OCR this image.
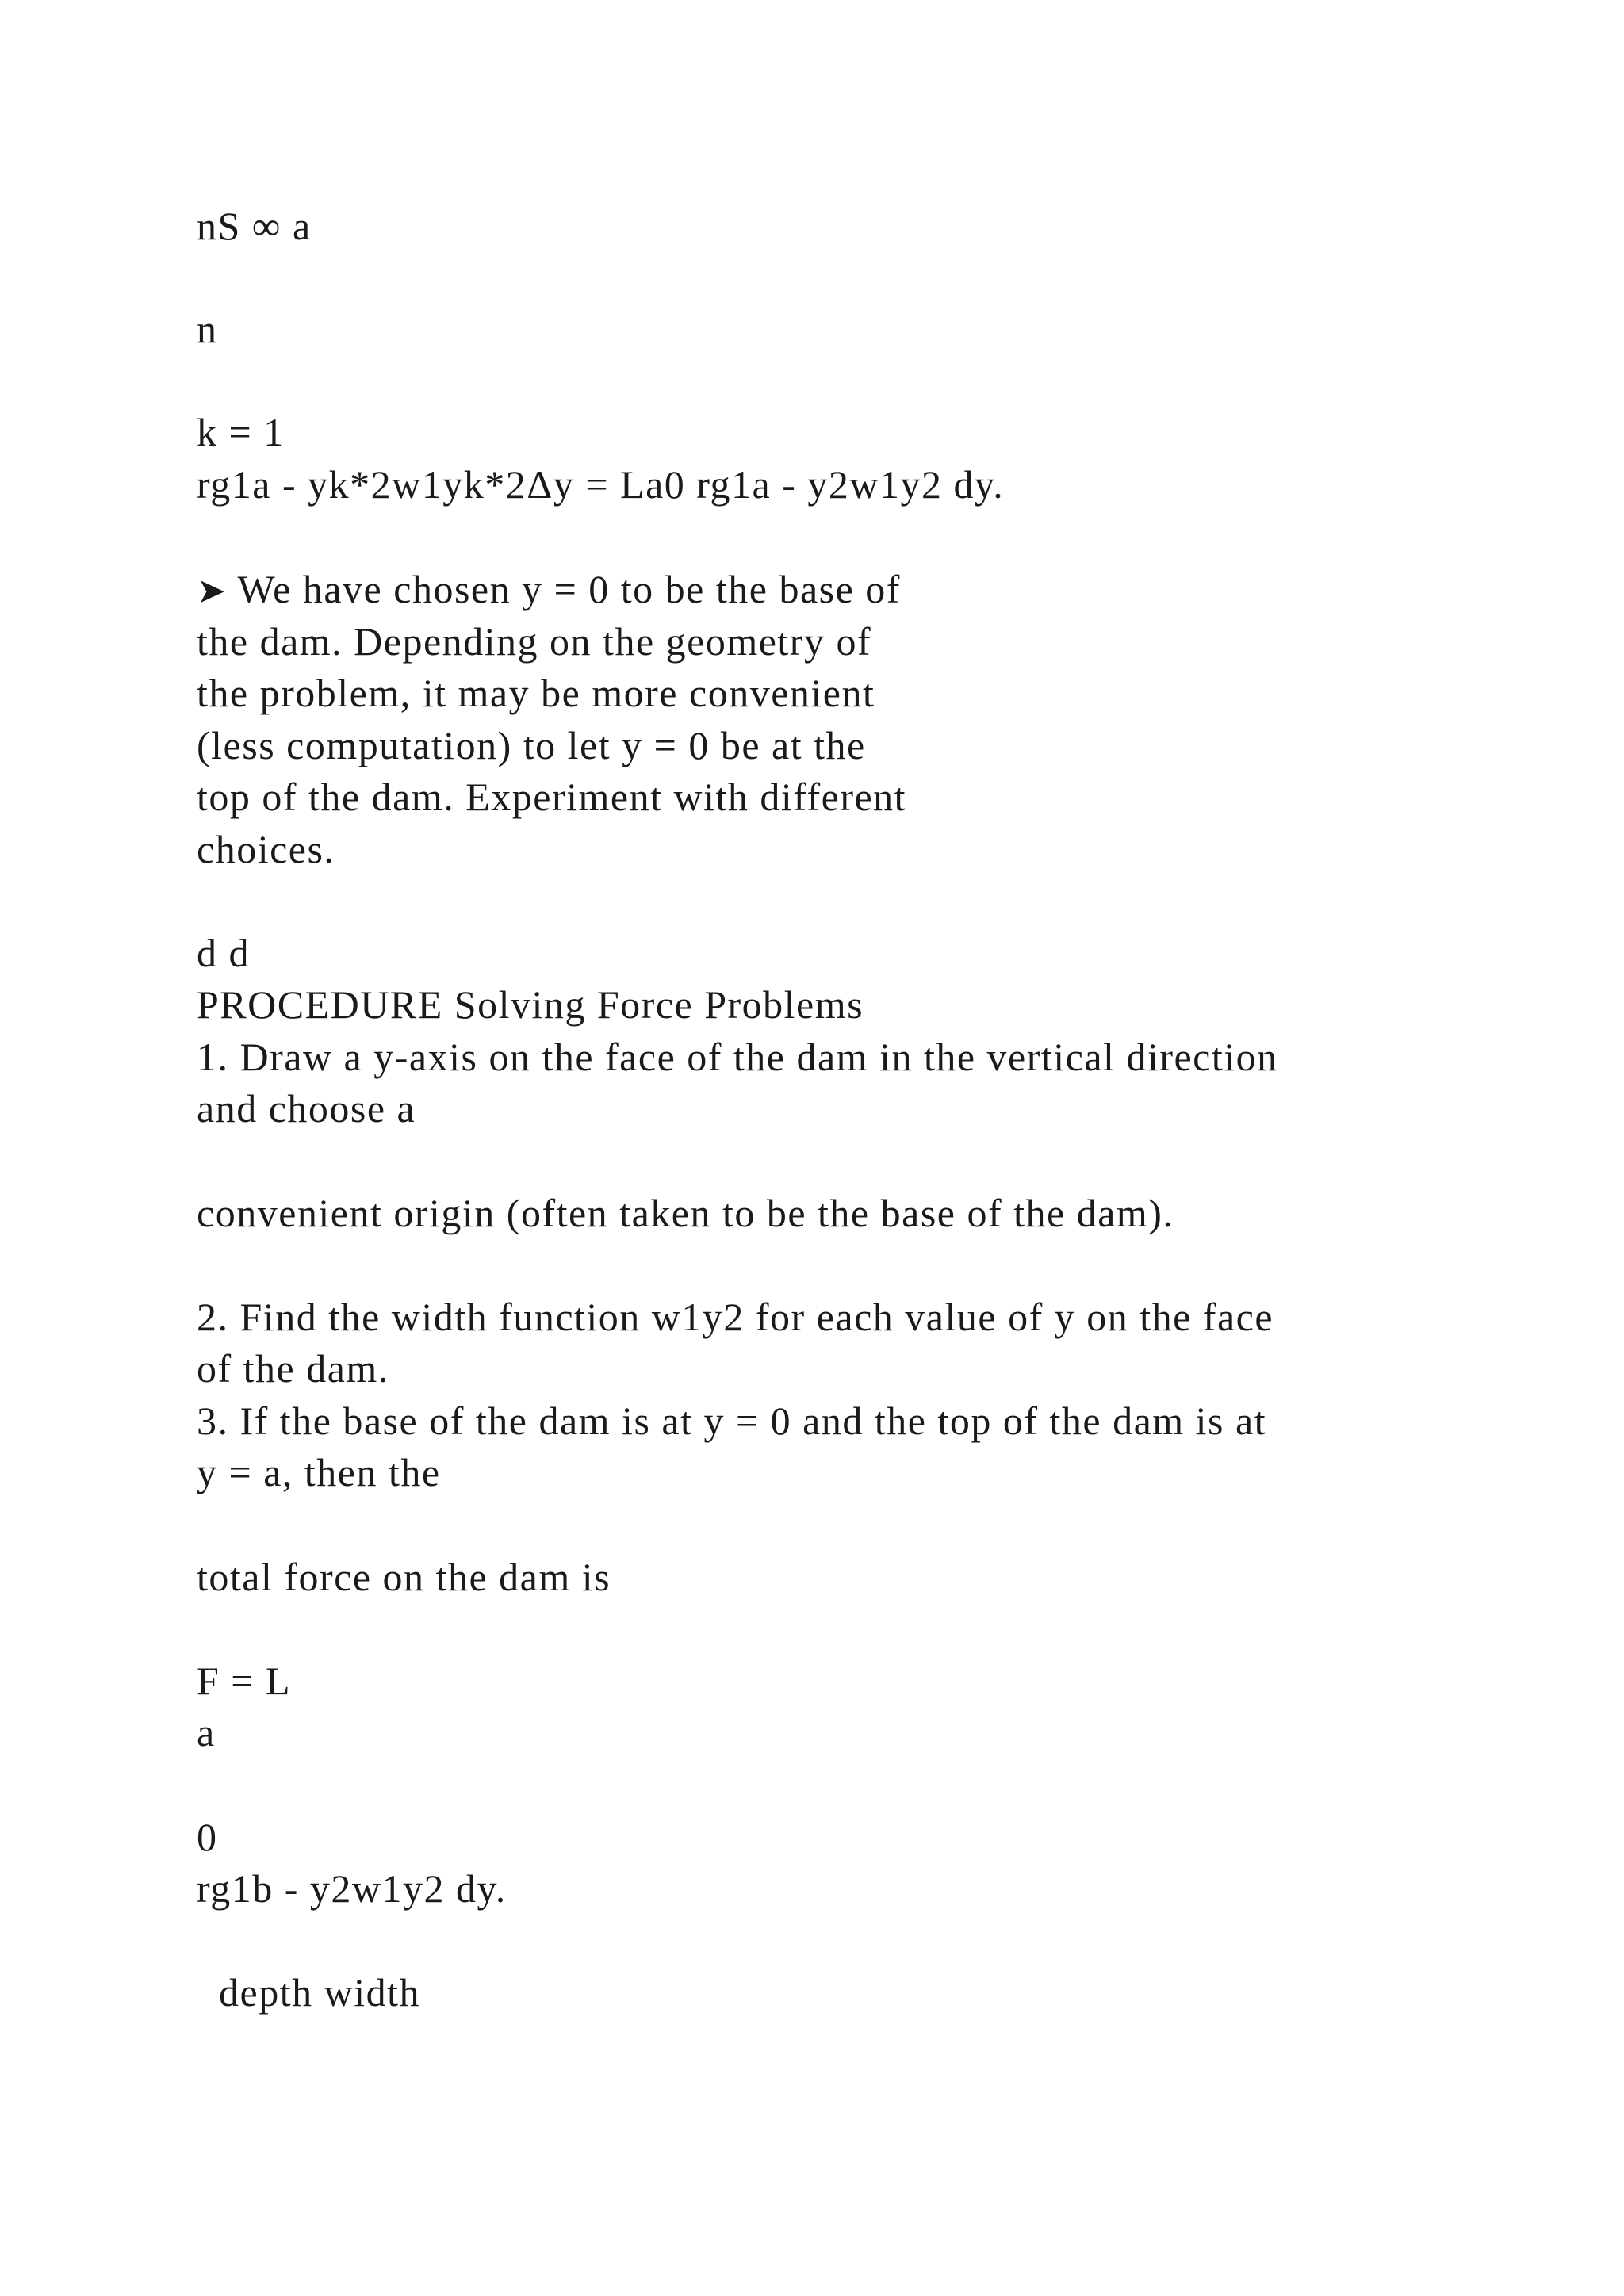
nS ∞ a

n

k = 1

rg1a - yk*2w1yk*2Δy = La0 rg1a - y2w1y2 dy.

➤ We have chosen y = 0 to be the base of

the dam. Depending on the geometry of

the problem, it may be more convenient

(less computation) to let y = 0 be at the

top of the dam. Experiment with different

choices.

d d

PROCEDURE Solving Force Problems

1. Draw a y-axis on the face of the dam in the vertical direction

and choose a

convenient origin (often taken to be the base of the dam).

2. Find the width function w1y2 for each value of y on the face

of the dam.

3. If the base of the dam is at y = 0 and the top of the dam is at

y = a, then the

total force on the dam is

F = L

a

0

rg1b - y2w1y2 dy.

depth width
